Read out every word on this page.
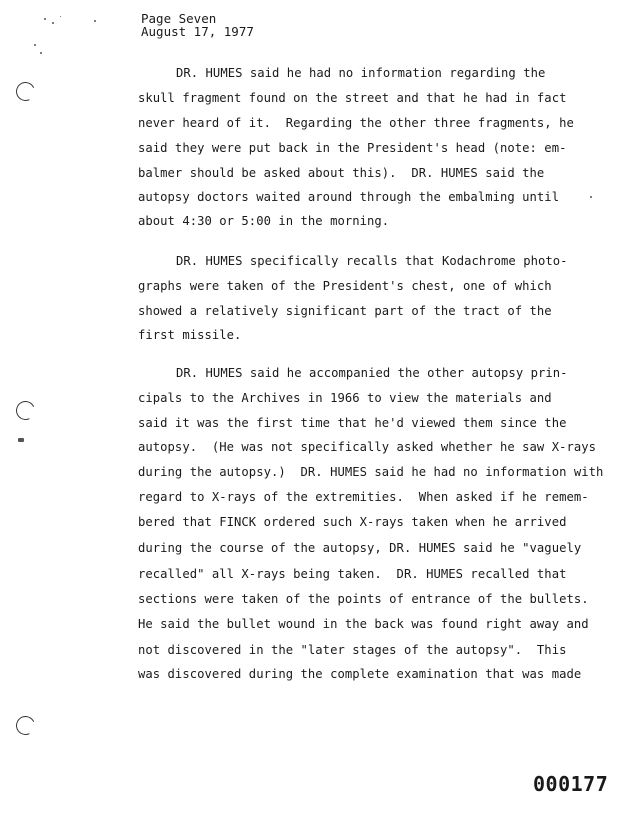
Page Seven
August 17, 1977
DR. HUMES said he had no information regarding the
skull fragment found on the street and that he had in fact
never heard of it.  Regarding the other three fragments, he
said they were put back in the President's head (note: em-
balmer should be asked about this).  DR. HUMES said the
autopsy doctors waited around through the embalming until
about 4:30 or 5:00 in the morning.
DR. HUMES specifically recalls that Kodachrome photo-
graphs were taken of the President's chest, one of which
showed a relatively significant part of the tract of the
first missile.
DR. HUMES said he accompanied the other autopsy prin-
cipals to the Archives in 1966 to view the materials and
said it was the first time that he'd viewed them since the
autopsy.  (He was not specifically asked whether he saw X-rays
during the autopsy.)  DR. HUMES said he had no information with
regard to X-rays of the extremities.  When asked if he remem-
bered that FINCK ordered such X-rays taken when he arrived
during the course of the autopsy, DR. HUMES said he "vaguely
recalled" all X-rays being taken.  DR. HUMES recalled that
sections were taken of the points of entrance of the bullets.
He said the bullet wound in the back was found right away and
not discovered in the "later stages of the autopsy".  This
was discovered during the complete examination that was made
000177
